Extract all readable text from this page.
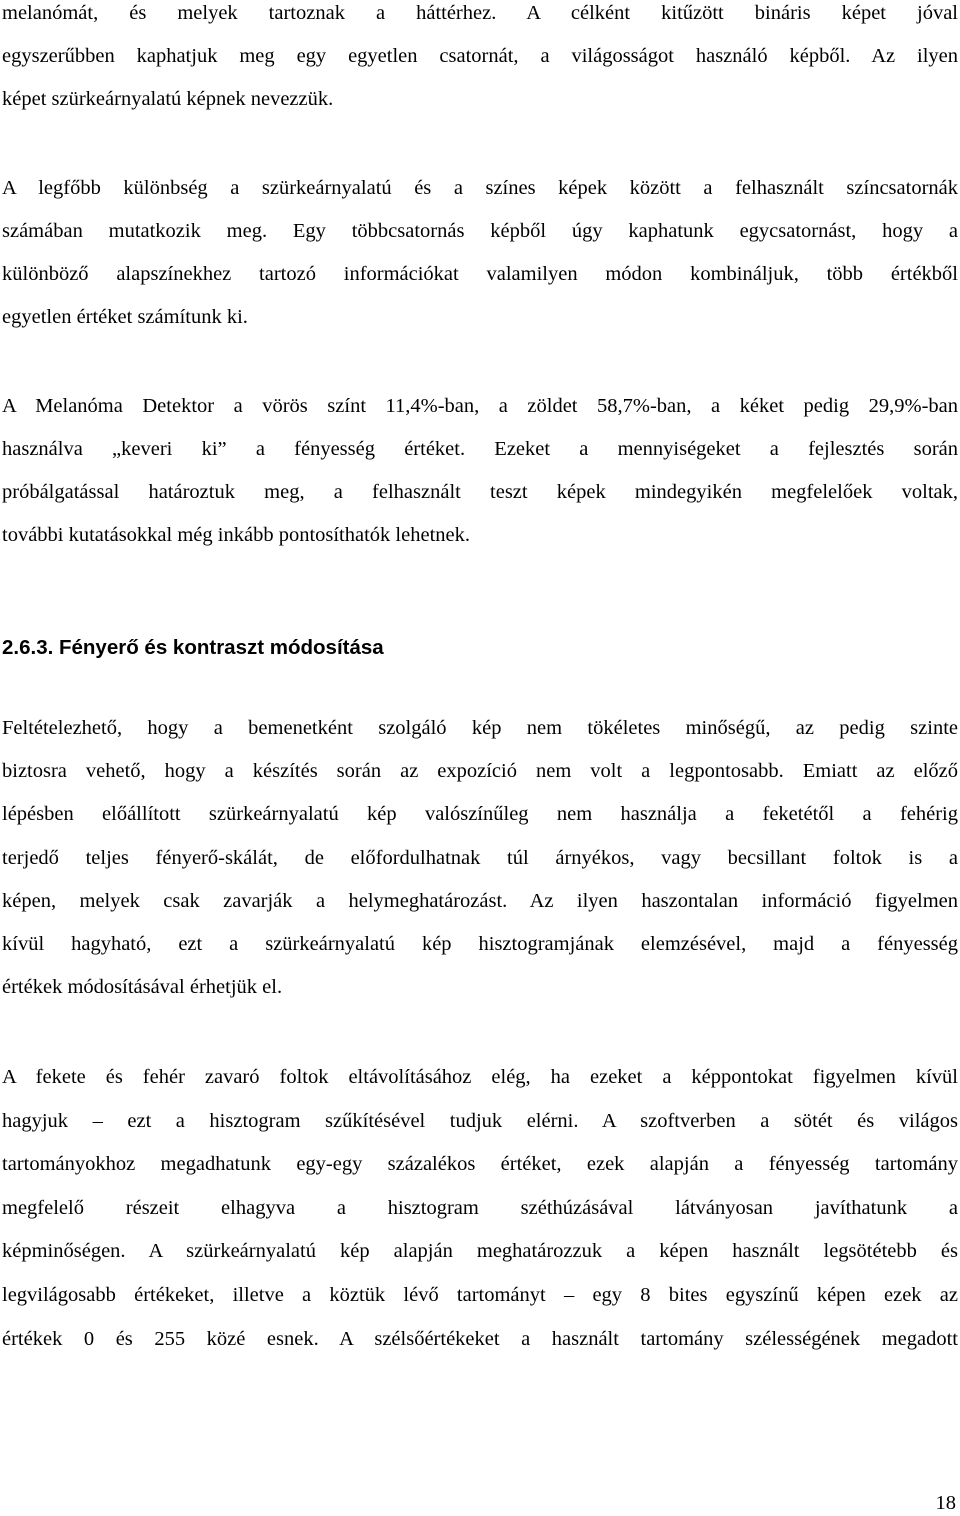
melanómát, és melyek tartoznak a háttérhez. A célként kitűzött bináris képet jóval
egyszerűbben kaphatjuk meg egy egyetlen csatornát, a világosságot használó képből. Az ilyen
képet szürkeárnyalatú képnek nevezzük.
A legfőbb különbség a szürkeárnyalatú és a színes képek között a felhasznált színcsatornák
számában mutatkozik meg. Egy többcsatornás képből úgy kaphatunk egycsatornást, hogy a
különböző alapszínekhez tartozó információkat valamilyen módon kombináljuk, több értékből
egyetlen értéket számítunk ki.
A Melanóma Detektor a vörös színt 11,4%-ban, a zöldet 58,7%-ban, a kéket pedig 29,9%-ban
használva „keveri ki” a fényesség értéket. Ezeket a mennyiségeket a fejlesztés során
próbálgatással határoztuk meg, a felhasznált teszt képek mindegyikén megfelelőek voltak,
további kutatásokkal még inkább pontosíthatók lehetnek.
2.6.3. Fényerő és kontraszt módosítása
Feltételezhető, hogy a bemenetként szolgáló kép nem tökéletes minőségű, az pedig szinte
biztosra vehető, hogy a készítés során az expozíció nem volt a legpontosabb. Emiatt az előző
lépésben előállított szürkeárnyalatú kép valószínűleg nem használja a feketétől a fehérig
terjedő teljes fényerő-skálát, de előfordulhatnak túl árnyékos, vagy becsillant foltok is a
képen, melyek csak zavarják a helymeghatározást. Az ilyen haszontalan információ figyelmen
kívül hagyható, ezt a szürkeárnyalatú kép hisztogramjának elemzésével, majd a fényesség
értékek módosításával érhetjük el.
A fekete és fehér zavaró foltok eltávolításához elég, ha ezeket a képpontokat figyelmen kívül
hagyjuk – ezt a hisztogram szűkítésével tudjuk elérni. A szoftverben a sötét és világos
tartományokhoz megadhatunk egy-egy százalékos értéket, ezek alapján a fényesség tartomány
megfelelő részeit elhagyva a hisztogram széthúzásával látványosan javíthatunk a
képminőségen. A szürkeárnyalatú kép alapján meghatározzuk a képen használt legsötétebb és
legvilágosabb értékeket, illetve a köztük lévő tartományt – egy 8 bites egyszínű képen ezek az
értékek 0 és 255 közé esnek. A szélsőértékeket a használt tartomány szélességének megadott
18
